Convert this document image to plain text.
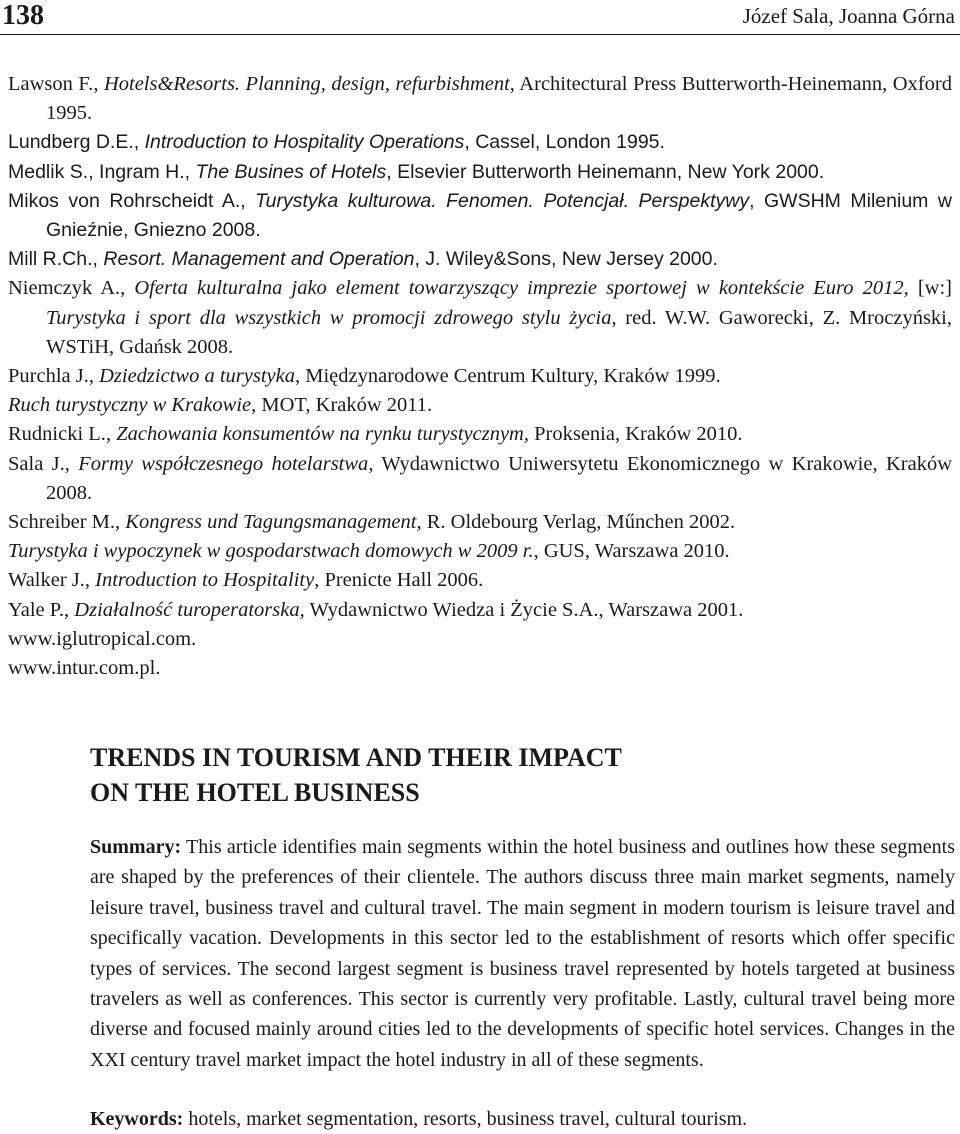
138	Józef Sala, Joanna Górna
Lawson F., Hotels&Resorts. Planning, design, refurbishment, Architectural Press Butterworth-Heinemann, Oxford 1995.
Lundberg D.E., Introduction to Hospitality Operations, Cassel, London 1995.
Medlik S., Ingram H., The Busines of Hotels, Elsevier Butterworth Heinemann, New York 2000.
Mikos von Rohrscheidt A., Turystyka kulturowa. Fenomen. Potencjał. Perspektywy, GWSHM Milenium w Gnieźnie, Gniezno 2008.
Mill R.Ch., Resort. Management and Operation, J. Wiley&Sons, New Jersey 2000.
Niemczyk A., Oferta kulturalna jako element towarzyszący imprezie sportowej w kontekście Euro 2012, [w:] Turystyka i sport dla wszystkich w promocji zdrowego stylu życia, red. W.W. Gaworecki, Z. Mroczyński, WSTiH, Gdańsk 2008.
Purchla J., Dziedzictwo a turystyka, Międzynarodowe Centrum Kultury, Kraków 1999.
Ruch turystyczny w Krakowie, MOT, Kraków 2011.
Rudnicki L., Zachowania konsumentów na rynku turystycznym, Proksenia, Kraków 2010.
Sala J., Formy współczesnego hotelarstwa, Wydawnictwo Uniwersytetu Ekonomicznego w Krakowie, Kraków 2008.
Schreiber M., Kongress und Tagungsmanagement, R. Oldebourg Verlag, Műnchen 2002.
Turystyka i wypoczynek w gospodarstwach domowych w 2009 r., GUS, Warszawa 2010.
Walker J., Introduction to Hospitality, Prenicte Hall 2006.
Yale P., Działalność turoperatorska, Wydawnictwo Wiedza i Życie S.A., Warszawa 2001.
www.iglutropical.com.
www.intur.com.pl.
TRENDS IN TOURISM AND THEIR IMPACT
ON THE HOTEL BUSINESS

Summary: This article identifies main segments within the hotel business and outlines how these segments are shaped by the preferences of their clientele. The authors discuss three main market segments, namely leisure travel, business travel and cultural travel. The main segment in modern tourism is leisure travel and specifically vacation. Developments in this sector led to the establishment of resorts which offer specific types of services. The second largest segment is business travel represented by hotels targeted at business travelers as well as conferences. This sector is currently very profitable. Lastly, cultural travel being more diverse and focused mainly around cities led to the developments of specific hotel services. Changes in the XXI century travel market impact the hotel industry in all of these segments.

Keywords: hotels, market segmentation, resorts, business travel, cultural tourism.
